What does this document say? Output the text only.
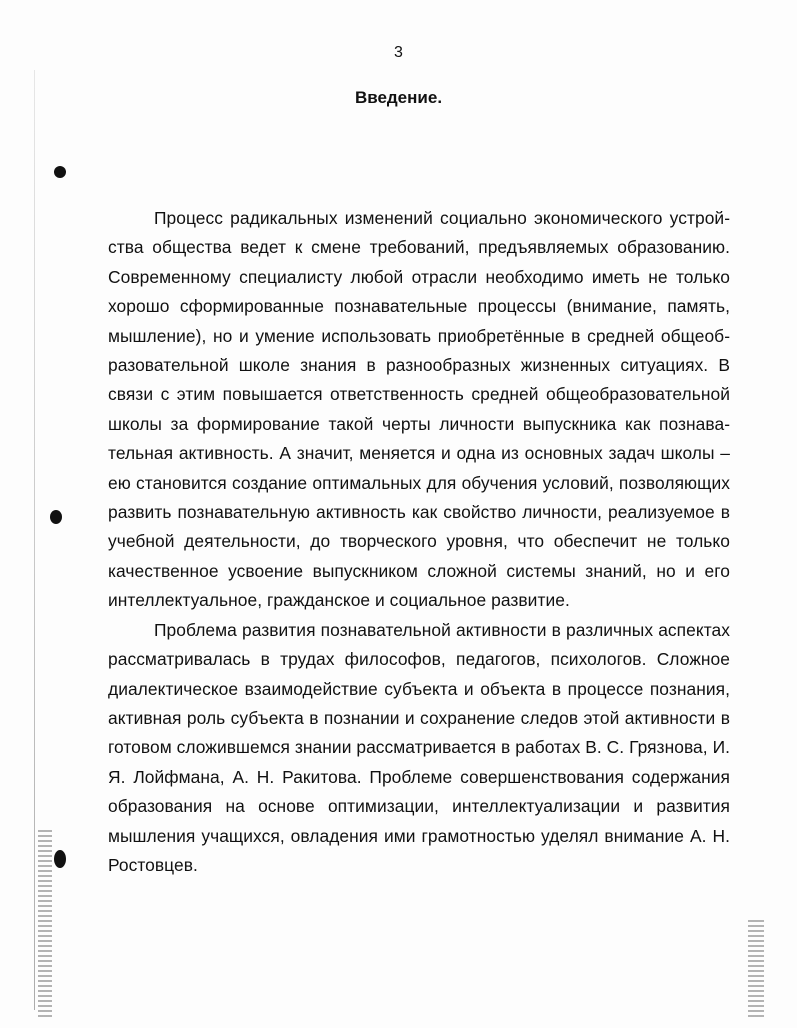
3
Введение.

Процесс радикальных изменений социально экономического устройства общества ведет к смене требований, предъявляемых образованию. Современному специалисту любой отрасли необходимо иметь не только хорошо сформированные познавательные процессы (внимание, память, мышление), но и умение использовать приобретённые в средней общеобразовательной школе знания в разнообразных жизненных ситуациях. В связи с этим повышается ответственность средней общеобразовательной школы за формирование такой черты личности выпускника как познавательная активность. А значит, меняется и одна из основных задач школы – ею становится создание оптимальных для обучения условий, позволяющих развить познавательную активность как свойство личности, реализуемое в учебной деятельности, до творческого уровня, что обеспечит не только качественное усвоение выпускником сложной системы знаний, но и его интеллектуальное, гражданское и социальное развитие.

Проблема развития познавательной активности в различных аспектах рассматривалась в трудах философов, педагогов, психологов. Сложное диалектическое взаимодействие субъекта и объекта в процессе познания, активная роль субъекта в познании и сохранение следов этой активности в готовом сложившемся знании рассматривается в работах В. С. Грязнова, И. Я. Лойфмана, А. Н. Ракитова. Проблеме совершенствования содержания образования на основе оптимизации, интеллектуализации и развития мышления учащихся, овладения ими грамотностью уделял внимание А. Н. Ростовцев.
